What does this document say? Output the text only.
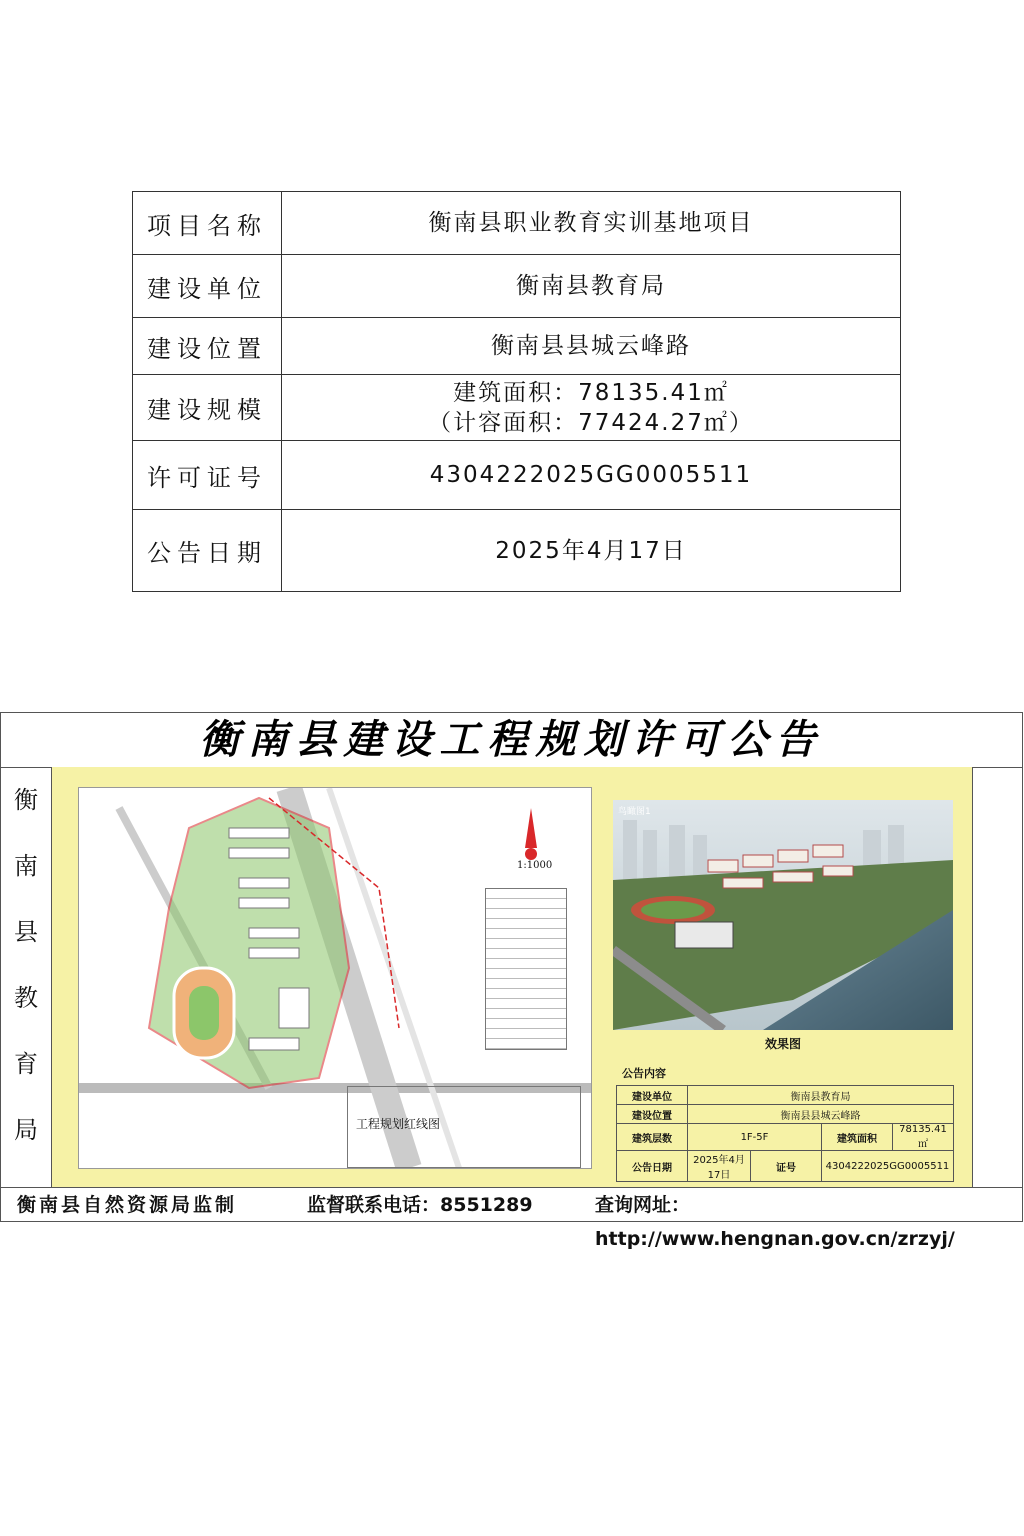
项目名称	衡南县职业教育实训基地项目
建设单位	衡南县教育局
建设位置	衡南县县城云峰路
建设规模	建筑面积：78135.41㎡
（计容面积：77424.27㎡）

许可证号	4304222025GG0005511
公告日期	2025年4月17日
衡南县建设工程规划许可公告
衡
南
县
教
育
局
1:1000
工程规划红线图
鸟瞰图1
效果图
公告内容
建设单位	衡南县教育局			
建设位置	衡南县县城云峰路			
建筑层数	1F-5F		建筑面积	78135.41㎡
公告日期	2025年4月17日	证号	4304222025GG0005511	
衡南县自然资源局监制	监督联系电话：8551289	查询网址：http://www.hengnan.gov.cn/zrzyj/
